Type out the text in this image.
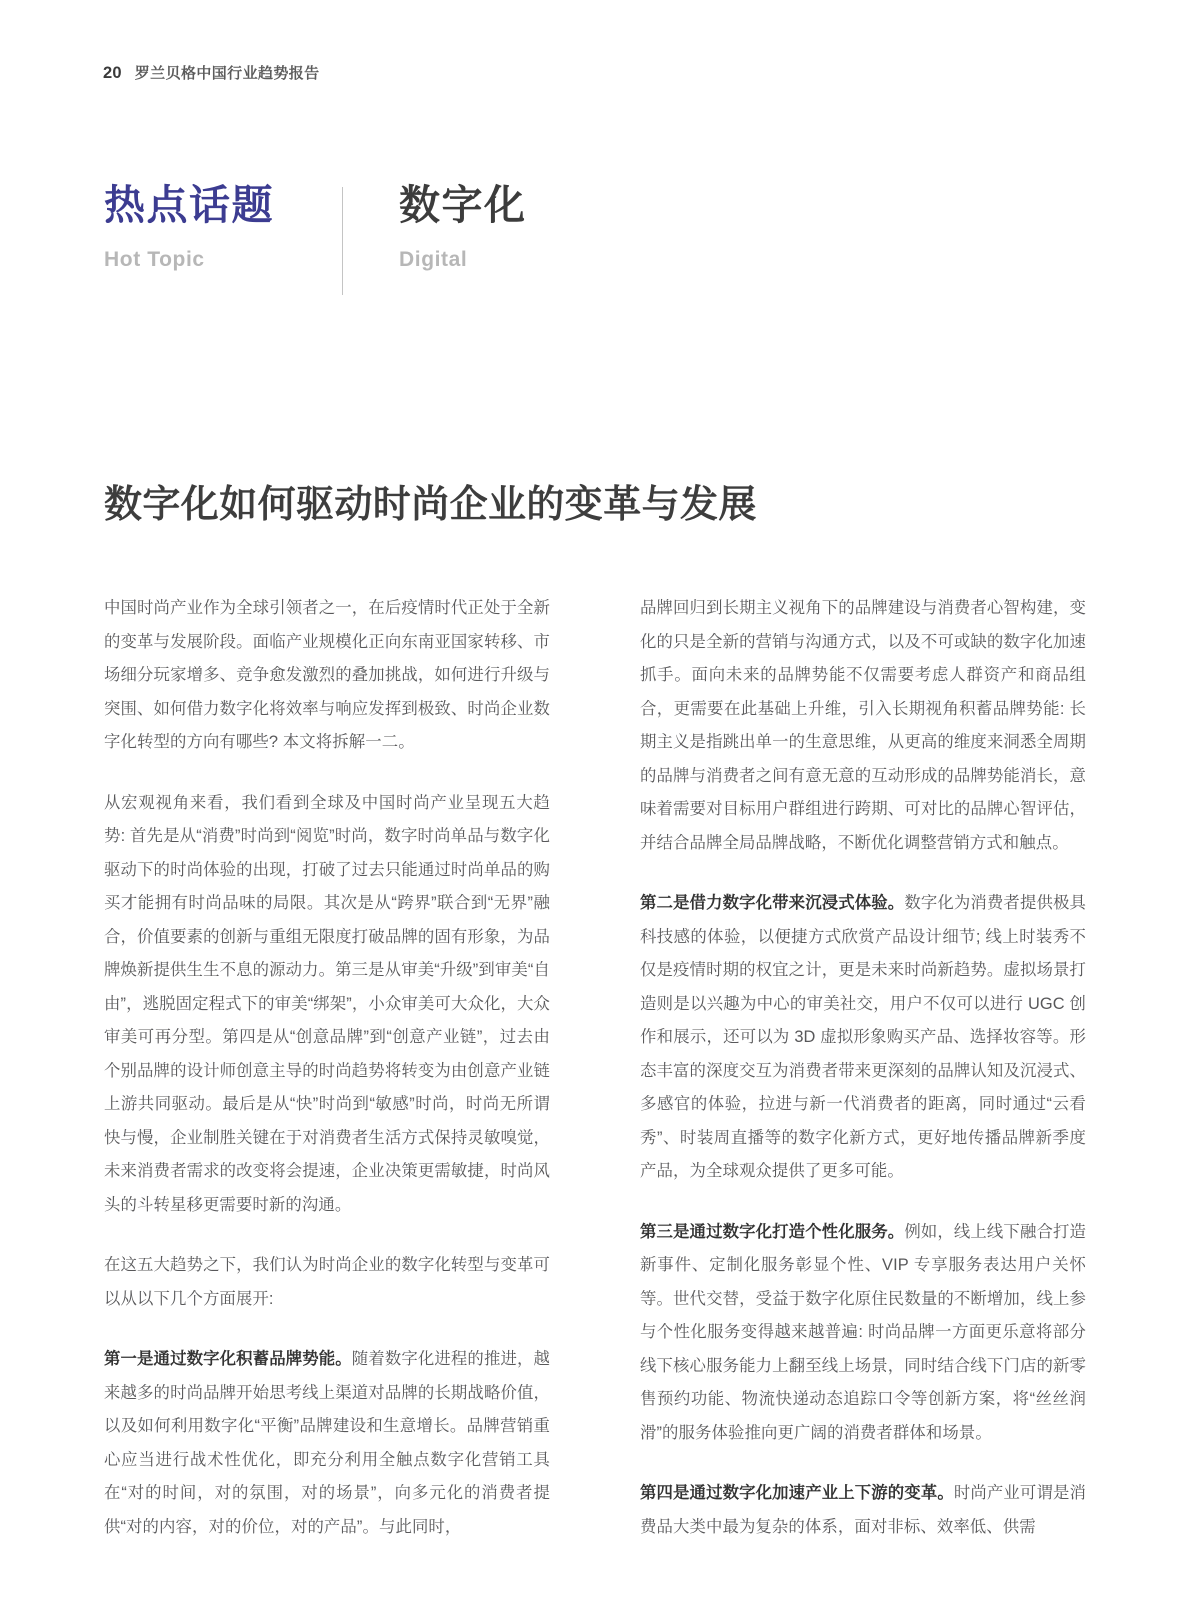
20 罗兰贝格中国行业趋势报告
热点话题
Hot Topic
数字化
Digital
数字化如何驱动时尚企业的变革与发展

中国时尚产业作为全球引领者之一，在后疫情时代正处于全新的变革与发展阶段。面临产业规模化正向东南亚国家转移、市场细分玩家增多、竞争愈发激烈的叠加挑战，如何进行升级与突围、如何借力数字化将效率与响应发挥到极致、时尚企业数字化转型的方向有哪些? 本文将拆解一二。

从宏观视角来看，我们看到全球及中国时尚产业呈现五大趋势: 首先是从“消费”时尚到“阅览”时尚，数字时尚单品与数字化驱动下的时尚体验的出现，打破了过去只能通过时尚单品的购买才能拥有时尚品味的局限。其次是从“跨界”联合到“无界”融合，价值要素的创新与重组无限度打破品牌的固有形象，为品牌焕新提供生生不息的源动力。第三是从审美“升级”到审美“自由”，逃脱固定程式下的审美“绑架”，小众审美可大众化，大众审美可再分型。第四是从“创意品牌”到“创意产业链”，过去由个别品牌的设计师创意主导的时尚趋势将转变为由创意产业链上游共同驱动。最后是从“快”时尚到“敏感”时尚，时尚无所谓快与慢，企业制胜关键在于对消费者生活方式保持灵敏嗅觉，未来消费者需求的改变将会提速，企业决策更需敏捷，时尚风头的斗转星移更需要时新的沟通。

在这五大趋势之下，我们认为时尚企业的数字化转型与变革可以从以下几个方面展开:

第一是通过数字化积蓄品牌势能。随着数字化进程的推进，越来越多的时尚品牌开始思考线上渠道对品牌的长期战略价值，以及如何利用数字化“平衡”品牌建设和生意增长。品牌营销重心应当进行战术性优化，即充分利用全触点数字化营销工具在“对的时间，对的氛围，对的场景”，向多元化的消费者提供“对的内容，对的价位，对的产品”。与此同时，

品牌回归到长期主义视角下的品牌建设与消费者心智构建，变化的只是全新的营销与沟通方式，以及不可或缺的数字化加速抓手。面向未来的品牌势能不仅需要考虑人群资产和商品组合，更需要在此基础上升维，引入长期视角积蓄品牌势能: 长期主义是指跳出单一的生意思维，从更高的维度来洞悉全周期的品牌与消费者之间有意无意的互动形成的品牌势能消长，意味着需要对目标用户群组进行跨期、可对比的品牌心智评估，并结合品牌全局品牌战略，不断优化调整营销方式和触点。

第二是借力数字化带来沉浸式体验。数字化为消费者提供极具科技感的体验，以便捷方式欣赏产品设计细节; 线上时装秀不仅是疫情时期的权宜之计，更是未来时尚新趋势。虚拟场景打造则是以兴趣为中心的审美社交，用户不仅可以进行 UGC 创作和展示，还可以为 3D 虚拟形象购买产品、选择妆容等。形态丰富的深度交互为消费者带来更深刻的品牌认知及沉浸式、多感官的体验，拉进与新一代消费者的距离，同时通过“云看秀”、时装周直播等的数字化新方式，更好地传播品牌新季度产品，为全球观众提供了更多可能。

第三是通过数字化打造个性化服务。例如，线上线下融合打造新事件、定制化服务彰显个性、VIP 专享服务表达用户关怀等。世代交替，受益于数字化原住民数量的不断增加，线上参与个性化服务变得越来越普遍: 时尚品牌一方面更乐意将部分线下核心服务能力上翻至线上场景，同时结合线下门店的新零售预约功能、物流快递动态追踪口令等创新方案，将“丝丝润滑”的服务体验推向更广阔的消费者群体和场景。

第四是通过数字化加速产业上下游的变革。时尚产业可谓是消费品大类中最为复杂的体系，面对非标、效率低、供需
